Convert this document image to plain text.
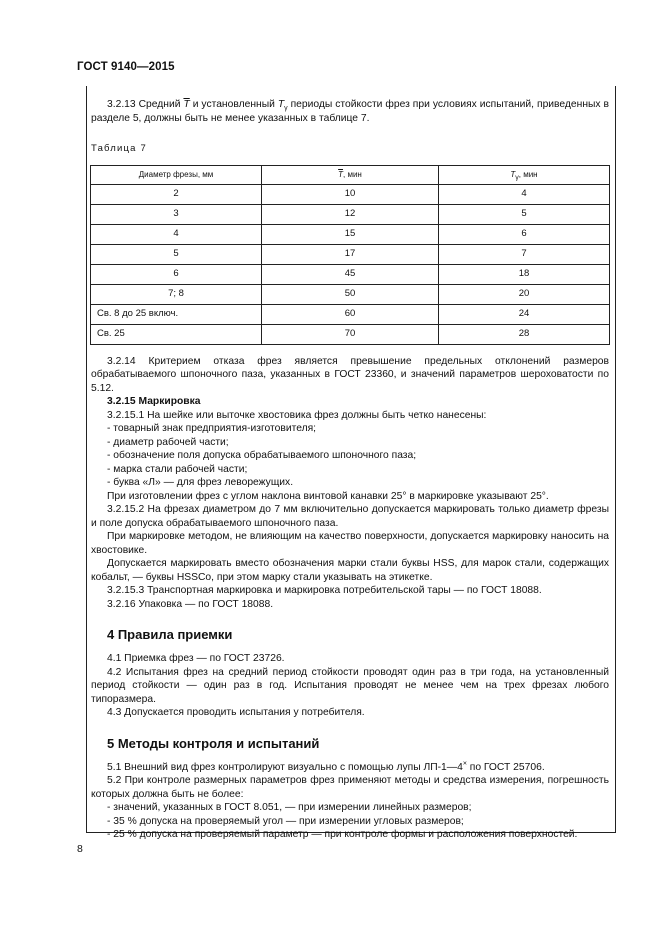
ГОСТ 9140—2015

3.2.13 Средний $\overline{T}$ и установленный $T_\gamma$ периоды стойкости фрез при условиях испытаний, приведенных в разделе 5, должны быть не менее указанных в таблице 7.

Таблица 7
Диаметр фрезы, мм	$\overline{T}$, мин	$T_\gamma$, мин
2	10	4
3	12	5
4	15	6
5	17	7
6	45	18
7; 8	50	20
Св. 8 до 25 включ.	60	24
Св. 25	70	28

3.2.14 Критерием отказа фрез является превышение предельных отклонений размеров обрабатываемого шпоночного паза, указанных в ГОСТ 23360, и значений параметров шероховатости по 5.12.

3.2.15 Маркировка

3.2.15.1 На шейке или выточке хвостовика фрез должны быть четко нанесены:

- товарный знак предприятия-изготовителя;

- диаметр рабочей части;

- обозначение поля допуска обрабатываемого шпоночного паза;

- марка стали рабочей части;

- буква «Л» — для фрез леворежущих.

При изготовлении фрез с углом наклона винтовой канавки 25° в маркировке указывают 25°.

3.2.15.2 На фрезах диаметром до 7 мм включительно допускается маркировать только диаметр фрезы и поле допуска обрабатываемого шпоночного паза.

При маркировке методом, не влияющим на качество поверхности, допускается маркировку наносить на хвостовике.

Допускается маркировать вместо обозначения марки стали буквы HSS, для марок стали, содержащих кобальт, — буквы HSSCo, при этом марку стали указывать на этикетке.

3.2.15.3 Транспортная маркировка и маркировка потребительской тары — по ГОСТ 18088.

3.2.16 Упаковка — по ГОСТ 18088.

4 Правила приемки

4.1 Приемка фрез — по ГОСТ 23726.

4.2 Испытания фрез на средний период стойкости проводят один раз в три года, на установленный период стойкости — один раз в год. Испытания проводят не менее чем на трех фрезах любого типоразмера.

4.3 Допускается проводить испытания у потребителя.

5 Методы контроля и испытаний

5.1 Внешний вид фрез контролируют визуально с помощью лупы ЛП-1—4× по ГОСТ 25706.

5.2 При контроле размерных параметров фрез применяют методы и средства измерения, погрешность которых должна быть не более:

- значений, указанных в ГОСТ 8.051, — при измерении линейных размеров;

- 35 % допуска на проверяемый угол — при измерении угловых размеров;

- 25 % допуска на проверяемый параметр — при контроле формы и расположения поверхностей.

8
